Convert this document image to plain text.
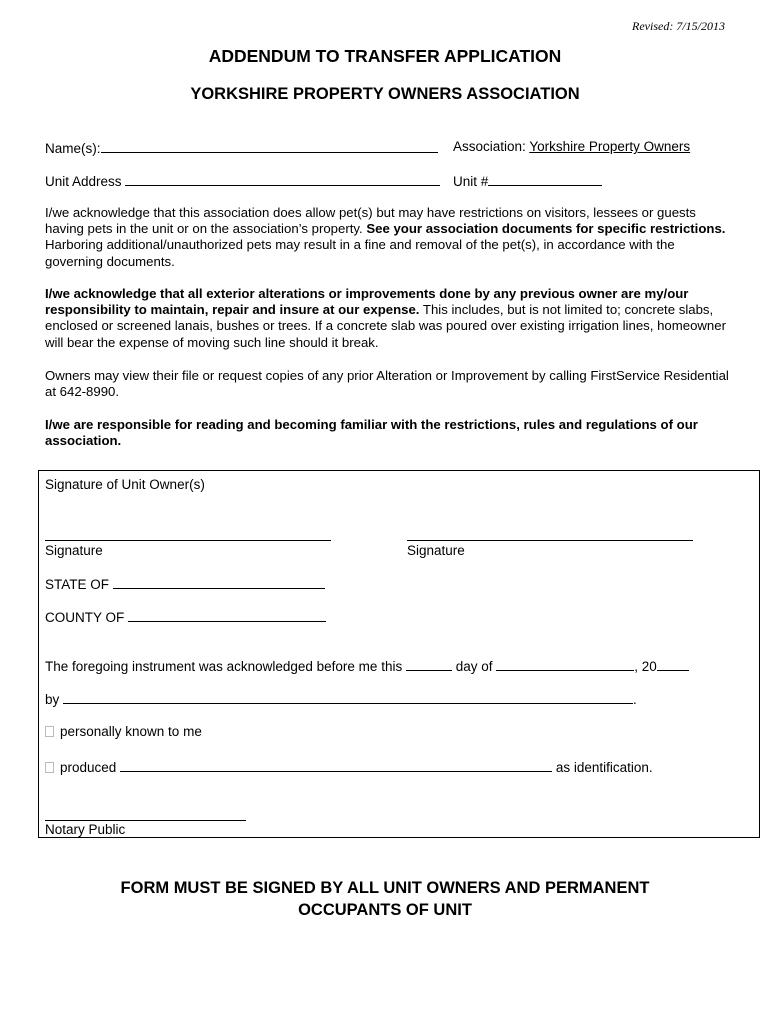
Revised: 7/15/2013
ADDENDUM TO TRANSFER APPLICATION
YORKSHIRE PROPERTY OWNERS ASSOCIATION
Name(s):	Association: Yorkshire Property Owners
Unit Address	Unit #

I/we acknowledge that this association does allow pet(s) but may have restrictions on visitors, lessees or guests having pets in the unit or on the association’s property. See your association documents for specific restrictions. Harboring additional/unauthorized pets may result in a fine and removal of the pet(s), in accordance with the governing documents.

I/we acknowledge that all exterior alterations or improvements done by any previous owner are my/our responsibility to maintain, repair and insure at our expense. This includes, but is not limited to; concrete slabs, enclosed or screened lanais, bushes or trees. If a concrete slab was poured over existing irrigation lines, homeowner will bear the expense of moving such line should it break.

Owners may view their file or request copies of any prior Alteration or Improvement by calling FirstService Residential at 642-8990.

I/we are responsible for reading and becoming familiar with the restrictions, rules and regulations of our association.

Signature of Unit Owner(s)
Signature	Signature
STATE OF
COUNTY OF
The foregoing instrument was acknowledged before me this	day of	, 20
by	.
personally known to me
produced	as identification.
Notary Public
FORM MUST BE SIGNED BY ALL UNIT OWNERS AND PERMANENT
OCCUPANTS OF UNIT
